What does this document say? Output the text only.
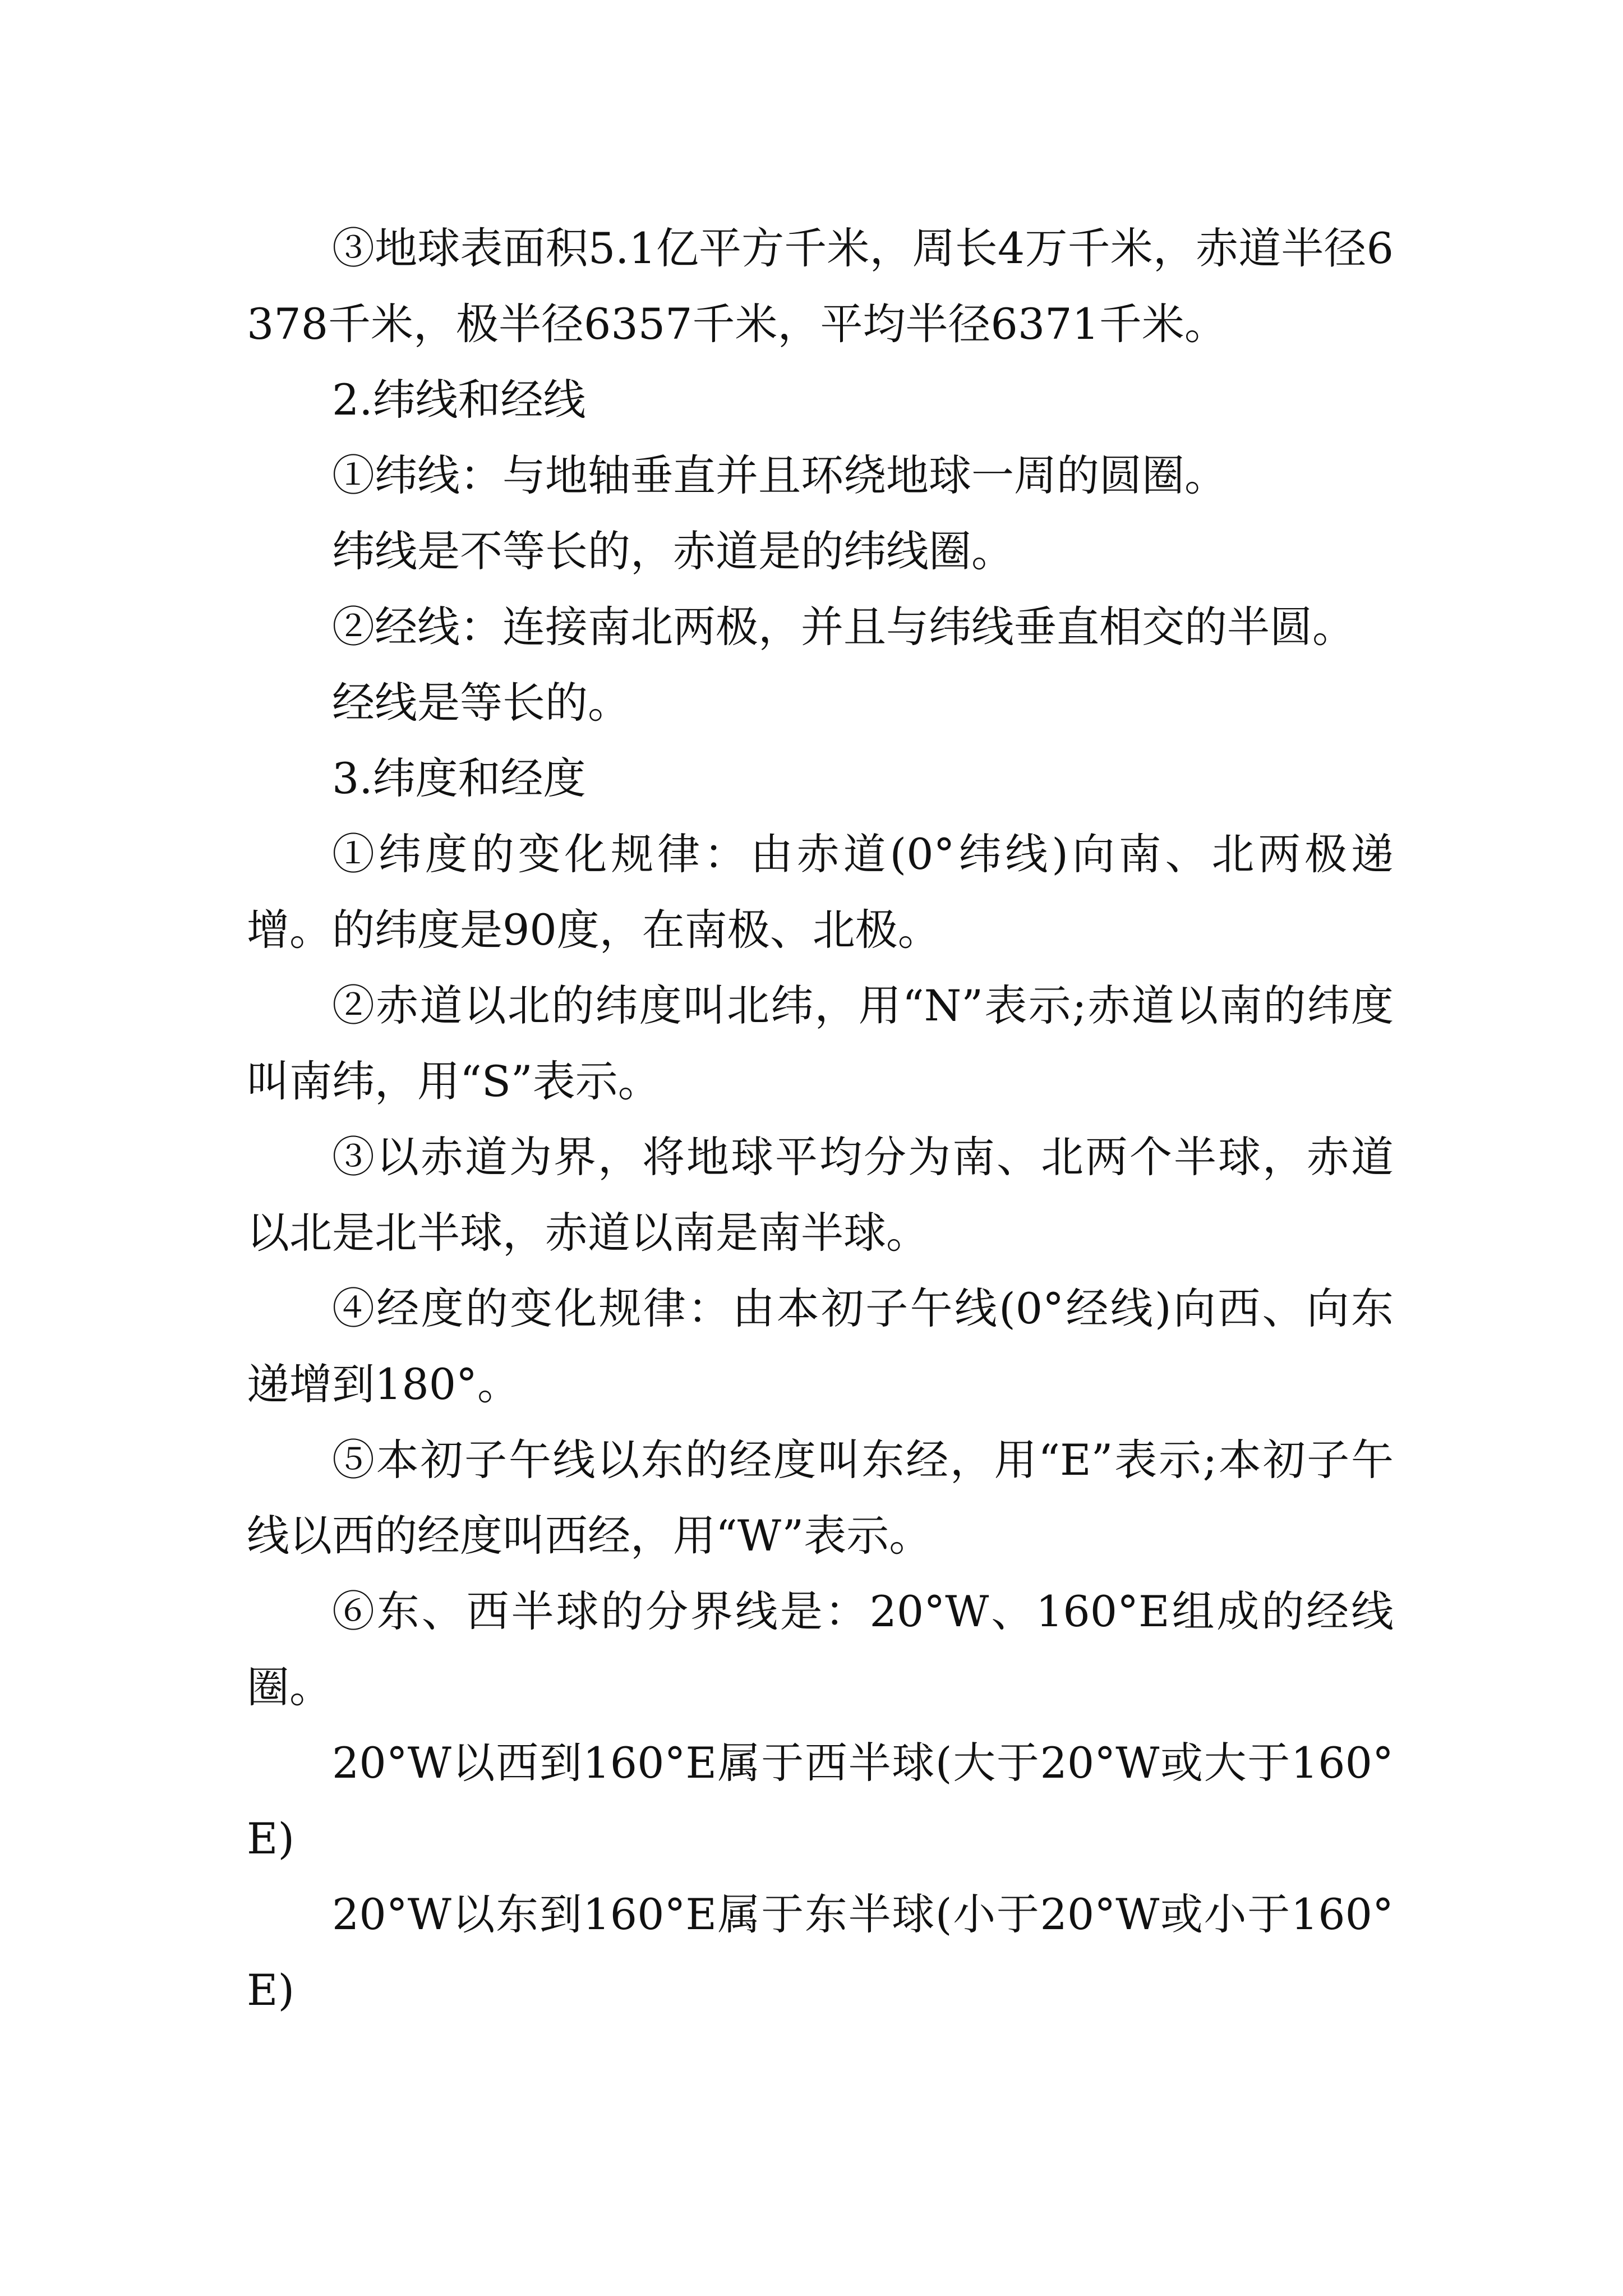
③地球表面积5.1亿平方千米，周长4万千米，赤道半径6378千米，极半径6357千米，平均半径6371千米。

2.纬线和经线

①纬线：与地轴垂直并且环绕地球一周的圆圈。

纬线是不等长的，赤道是的纬线圈。

②经线：连接南北两极，并且与纬线垂直相交的半圆。

经线是等长的。

3.纬度和经度

①纬度的变化规律：由赤道(0°纬线)向南、北两极递增。的纬度是90度，在南极、北极。

②赤道以北的纬度叫北纬，用“N”表示;赤道以南的纬度叫南纬，用“S”表示。

③以赤道为界，将地球平均分为南、北两个半球，赤道以北是北半球，赤道以南是南半球。

④经度的变化规律：由本初子午线(0°经线)向西、向东递增到180°。

⑤本初子午线以东的经度叫东经，用“E”表示;本初子午线以西的经度叫西经，用“W”表示。

⑥东、西半球的分界线是：20°W、160°E组成的经线圈。

20°W以西到160°E属于西半球(大于20°W或大于160°E)

20°W以东到160°E属于东半球(小于20°W或小于160°E)
